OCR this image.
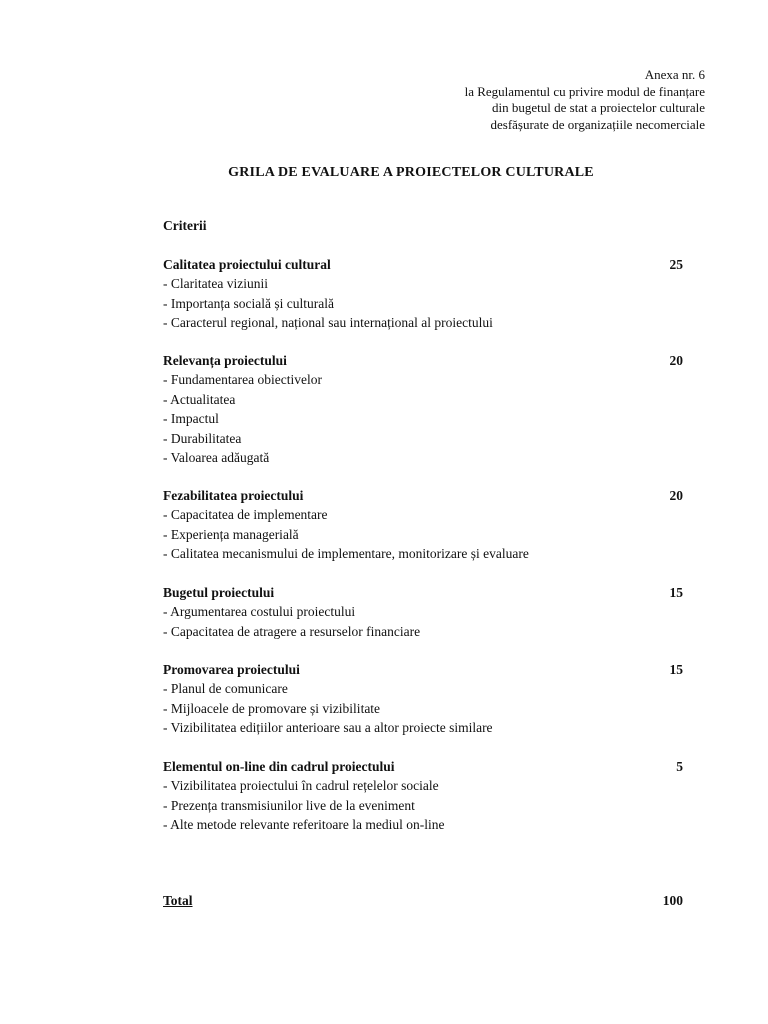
Anexa nr. 6
la Regulamentul cu privire modul de finanțare
din bugetul de stat a proiectelor culturale
desfășurate de organizațiile necomerciale
GRILA DE EVALUARE A PROIECTELOR CULTURALE
Criterii
Calitatea proiectului cultural	25
- Claritatea viziunii
- Importanța socială și culturală
- Caracterul regional, național sau internațional al proiectului
Relevanța proiectului	20
- Fundamentarea obiectivelor
- Actualitatea
- Impactul
- Durabilitatea
- Valoarea adăugată
Fezabilitatea proiectului	20
- Capacitatea de implementare
- Experiența managerială
- Calitatea mecanismului de implementare, monitorizare și evaluare
Bugetul proiectului	15
- Argumentarea costului proiectului
- Capacitatea de atragere a resurselor financiare
Promovarea proiectului	15
- Planul de comunicare
- Mijloacele de promovare și vizibilitate
- Vizibilitatea edițiilor anterioare sau a altor proiecte similare
Elementul on-line din cadrul proiectului	5
- Vizibilitatea proiectului în cadrul rețelelor sociale
- Prezența transmisiunilor live de la eveniment
- Alte metode relevante referitoare la mediul on-line
Total	100
